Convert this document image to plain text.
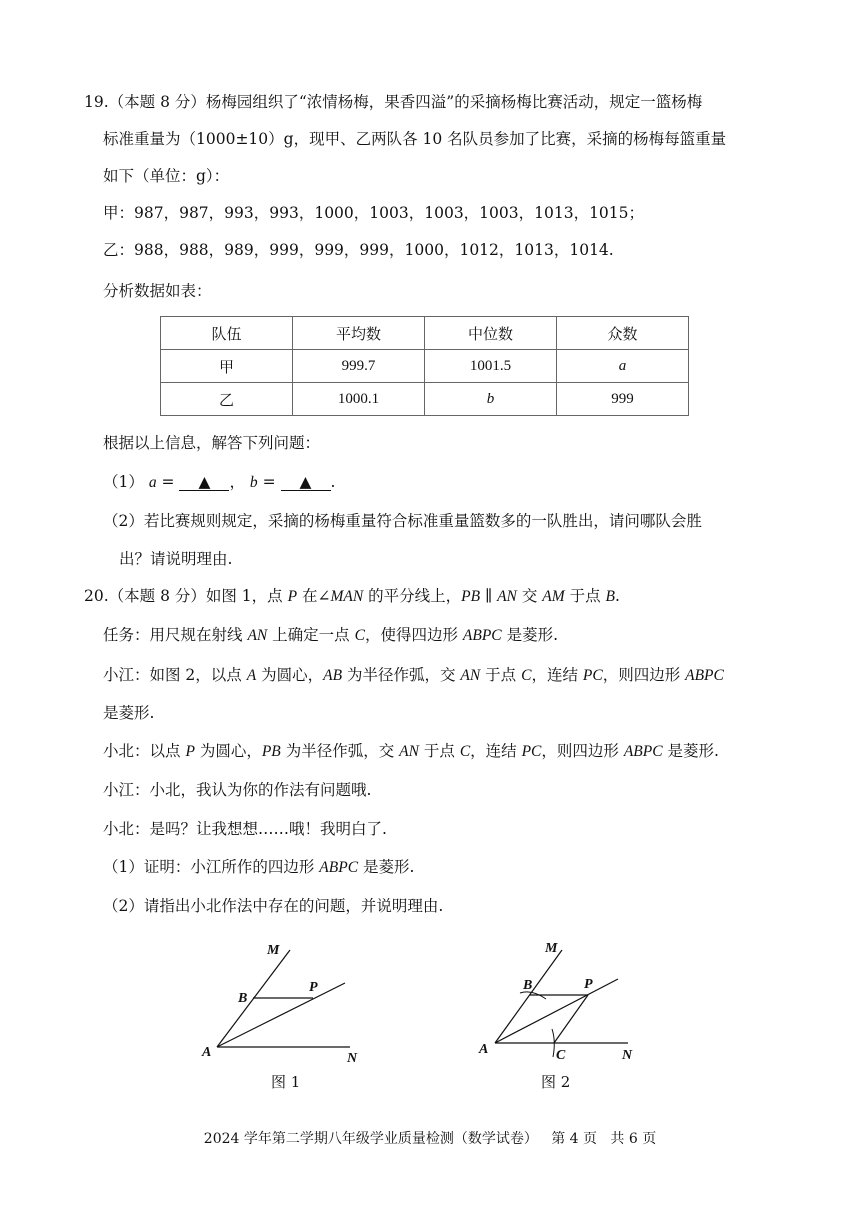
19.（本题 8 分）杨梅园组织了“浓情杨梅，果香四溢”的采摘杨梅比赛活动，规定一篮杨梅
标准重量为（1000±10）g，现甲、乙两队各 10 名队员参加了比赛，采摘的杨梅每篮重量
如下（单位：g）：
甲：987，987，993，993，1000，1003，1003，1003，1013，1015；
乙：988，988，989，999，999，999，1000，1012，1013，1014.
分析数据如表：
队伍	平均数	中位数	众数
甲	999.7	1001.5	a
乙	1000.1	b	999
根据以上信息，解答下列问题：
（1） a = ▲ ， b = ▲ .
（2）若比赛规则规定，采摘的杨梅重量符合标准重量篮数多的一队胜出，请问哪队会胜
出？请说明理由.
20.（本题 8 分）如图 1，点 P 在∠MAN 的平分线上，PB ∥ AN 交 AM 于点 B.
任务：用尺规在射线 AN 上确定一点 C，使得四边形 ABPC 是菱形.
小江：如图 2，以点 A 为圆心，AB 为半径作弧，交 AN 于点 C，连结 PC，则四边形 ABPC
是菱形.
小北：以点 P 为圆心，PB 为半径作弧，交 AN 于点 C，连结 PC，则四边形 ABPC 是菱形.
小江：小北，我认为你的作法有问题哦.
小北：是吗？让我想想……哦！我明白了.
（1）证明：小江所作的四边形 ABPC 是菱形.
（2）请指出小北作法中存在的问题，并说明理由.
M
B
P
A	N
图 1
M
B	P
A	C	N
图 2
2024 学年第二学期八年级学业质量检测（数学试卷） 第 4 页 共 6 页
